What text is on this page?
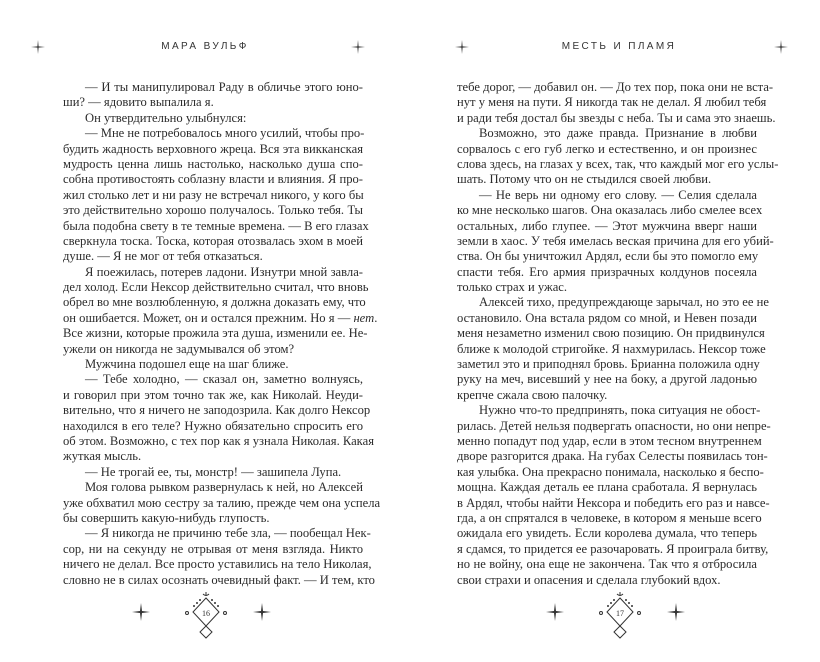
МАРА ВУЛЬФ
— И ты манипулировал Раду в обличье этого юно-
ши? — ядовито выпалила я.
Он утвердительно улыбнулся:
— Мне не потребовалось много усилий, чтобы про-
будить жадность верховного жреца. Вся эта викканская
мудрость ценна лишь настолько, насколько душа спо-
собна противостоять соблазну власти и влияния. Я про-
жил столько лет и ни разу не встречал никого, у кого бы
это действительно хорошо получалось. Только тебя. Ты
была подобна свету в те темные времена. — В его глазах
сверкнула тоска. Тоска, которая отозвалась эхом в моей
душе. — Я не мог от тебя отказаться.
Я поежилась, потерев ладони. Изнутри мной завла-
дел холод. Если Нексор действительно считал, что вновь
обрел во мне возлюбленную, я должна доказать ему, что
он ошибается. Может, он и остался прежним. Но я — нет.
Все жизни, которые прожила эта душа, изменили ее. Не-
ужели он никогда не задумывался об этом?
Мужчина подошел еще на шаг ближе.
— Тебе холодно, — сказал он, заметно волнуясь,
и говорил при этом точно так же, как Николай. Неуди-
вительно, что я ничего не заподозрила. Как долго Нексор
находился в его теле? Нужно обязательно спросить его
об этом. Возможно, с тех пор как я узнала Николая. Какая
жуткая мысль.
— Не трогай ее, ты, монстр! — зашипела Лупа.
Моя голова рывком развернулась к ней, но Алексей
уже обхватил мою сестру за талию, прежде чем она успела
бы совершить какую-нибудь глупость.
— Я никогда не причиню тебе зла, — пообещал Нек-
сор, ни на секунду не отрывая от меня взгляда. Никто
ничего не делал. Все просто уставились на тело Николая,
словно не в силах осознать очевидный факт. — И тем, кто
16
МЕСТЬ И ПЛАМЯ
тебе дорог, — добавил он. — До тех пор, пока они не вста-
нут у меня на пути. Я никогда так не делал. Я любил тебя
и ради тебя достал бы звезды с неба. Ты и сама это знаешь.
Возможно, это даже правда. Признание в любви
сорвалось с его губ легко и естественно, и он произнес
слова здесь, на глазах у всех, так, что каждый мог его услы-
шать. Потому что он не стыдился своей любви.
— Не верь ни одному его слову. — Селия сделала
ко мне несколько шагов. Она оказалась либо смелее всех
остальных, либо глупее. — Этот мужчина вверг наши
земли в хаос. У тебя имелась веская причина для его убий-
ства. Он бы уничтожил Ардял, если бы это помогло ему
спасти тебя. Его армия призрачных колдунов посеяла
только страх и ужас.
Алексей тихо, предупреждающе зарычал, но это ее не
остановило. Она встала рядом со мной, и Невен позади
меня незаметно изменил свою позицию. Он придвинулся
ближе к молодой стригойке. Я нахмурилась. Нексор тоже
заметил это и приподнял бровь. Брианна положила одну
руку на меч, висевший у нее на боку, а другой ладонью
крепче сжала свою палочку.
Нужно что-то предпринять, пока ситуация не обост-
рилась. Детей нельзя подвергать опасности, но они непре-
менно попадут под удар, если в этом тесном внутреннем
дворе разгорится драка. На губах Селесты появилась тон-
кая улыбка. Она прекрасно понимала, насколько я беспо-
мощна. Каждая деталь ее плана сработала. Я вернулась
в Ардял, чтобы найти Нексора и победить его раз и навсе-
гда, а он спрятался в человеке, в котором я меньше всего
ожидала его увидеть. Если королева думала, что теперь
я сдамся, то придется ее разочаровать. Я проиграла битву,
но не войну, она еще не закончена. Так что я отбросила
свои страхи и опасения и сделала глубокий вдох.
17
